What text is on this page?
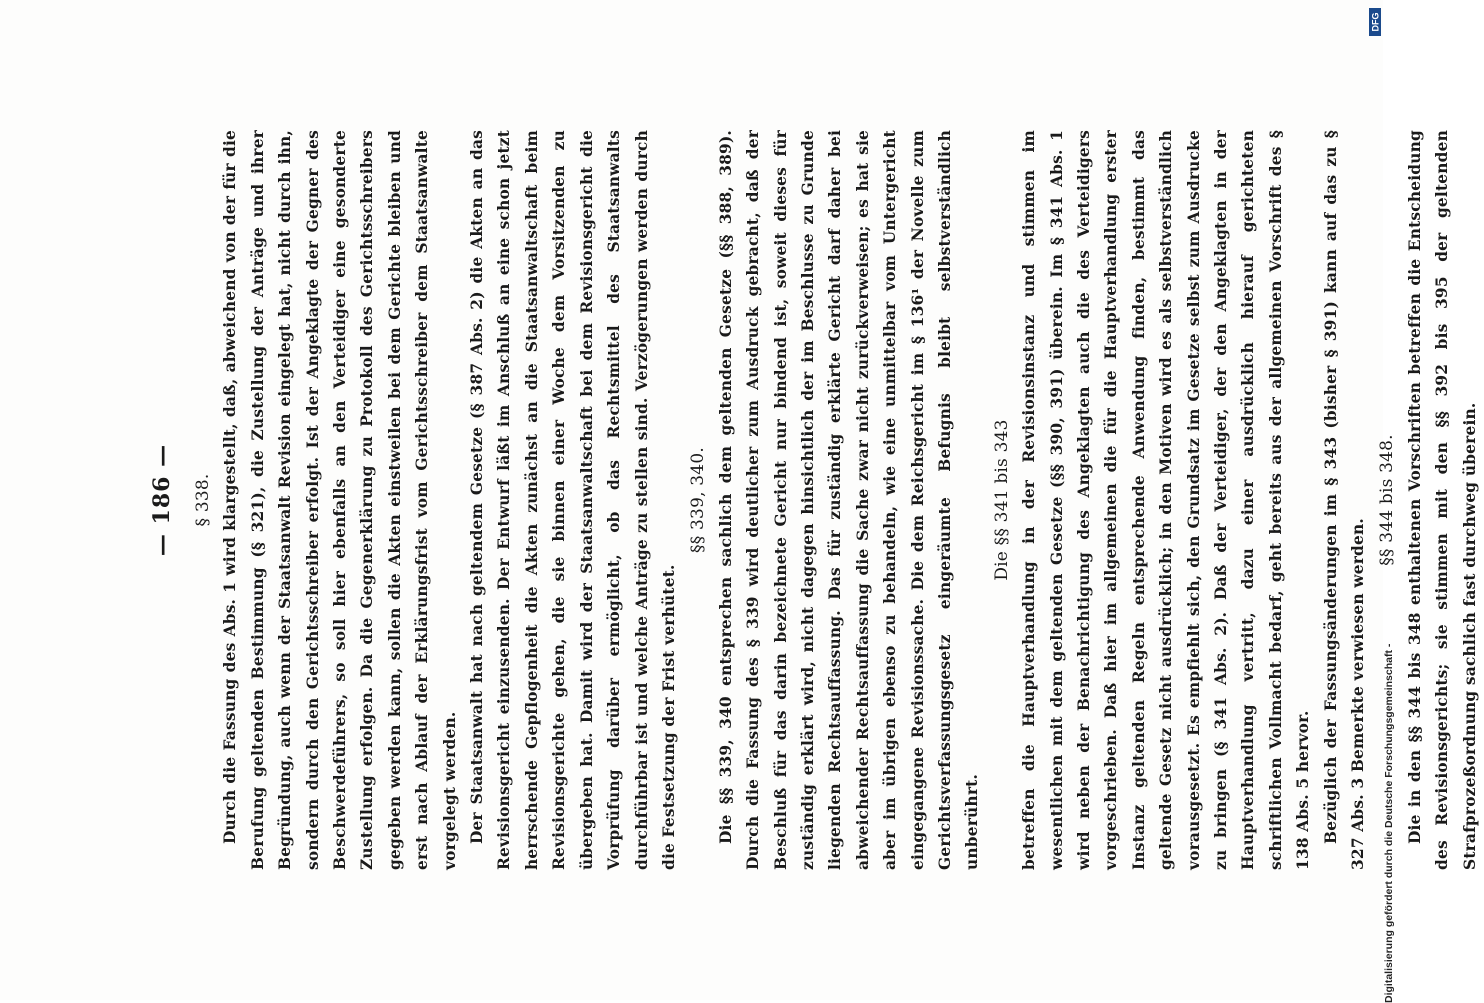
— 186 —	§ 338. Durch die Fassung des Abs. 1 wird klargestellt, daß, abweichend von der für die Berufung geltenden Bestimmung (§ 321), die Zustellung der Anträge und ihrer Begründung, auch wenn der Staatsanwalt Revision eingelegt hat, nicht durch ihn, sondern durch den Gerichtsschreiber erfolgt. Ist der Angeklagte der Gegner des Beschwerdeführers, so soll hier ebenfalls an den Verteidiger eine gesonderte Zustellung erfolgen. Da die Gegenerklärung zu Protokoll des Gerichtsschreibers gegeben werden kann, sollen die Akten einstweilen bei dem Gerichte bleiben und erst nach Ablauf der Erklärungsfrist vom Gerichtsschreiber dem Staatsanwalte vorgelegt werden. Der Staatsanwalt hat nach geltendem Gesetze (§ 387 Abs. 2) die Akten an das Revisionsgericht einzusenden. Der Entwurf läßt im Anschluß an eine schon jetzt herrschende Gepflogenheit die Akten zunächst an die Staatsanwaltschaft beim Revisionsgerichte gehen, die sie binnen einer Woche dem Vorsitzenden zu übergeben hat. Damit wird der Staatsanwaltschaft bei dem Revisionsgericht die Vorprüfung darüber ermöglicht, ob das Rechtsmittel des Staatsanwalts durchführbar ist und welche Anträge zu stellen sind. Verzögerungen werden durch die Festsetzung der Frist verhütet.

§§ 339, 340. Die §§ 339, 340 entsprechen sachlich dem geltenden Gesetze (§§ 388, 389). Durch die Fassung des § 339 wird deutlicher zum Ausdruck gebracht, daß der Beschluß für das darin bezeichnete Gericht nur bindend ist, soweit dieses für zuständig erklärt wird, nicht dagegen hinsichtlich der im Beschlusse zu Grunde liegenden Rechtsauffassung. Das für zuständig erklärte Gericht darf daher bei abweichender Rechtsauffassung die Sache zwar nicht zurückverweisen; es hat sie aber im übrigen ebenso zu behandeln, wie eine unmittelbar vom Untergericht eingegangene Revisionssache. Die dem Reichsgericht im § 136¹ der Novelle zum Gerichtsverfassungsgesetz eingeräumte Befugnis bleibt selbstverständlich unberührt.

Die §§ 341 bis 343 betreffen die Hauptverhandlung in der Revisionsinstanz und stimmen im wesentlichen mit dem geltenden Gesetze (§§ 390, 391) überein. Im § 341 Abs. 1 wird neben der Benachrichtigung des Angeklagten auch die des Verteidigers vorgeschrieben. Daß hier im allgemeinen die für die Hauptverhandlung erster Instanz geltenden Regeln entsprechende Anwendung finden, bestimmt das geltende Gesetz nicht ausdrücklich; in den Motiven wird es als selbstverständlich vorausgesetzt. Es empfiehlt sich, den Grundsatz im Gesetze selbst zum Ausdrucke zu bringen (§ 341 Abs. 2). Daß der Verteidiger, der den Angeklagten in der Hauptverhandlung vertritt, dazu einer ausdrücklich hierauf gerichteten schriftlichen Vollmacht bedarf, geht bereits aus der allgemeinen Vorschrift des § 138 Abs. 5 hervor. Bezüglich der Fassungsänderungen im § 343 (bisher § 391) kann auf das zu § 327 Abs. 3 Bemerkte verwiesen werden.

§§ 344 bis 348. Die in den §§ 344 bis 348 enthaltenen Vorschriften betreffen die Entscheidung des Revisionsgerichts; sie stimmen mit den §§ 392 bis 395 der geltenden Strafprozeßordnung sachlich fast durchweg überein.

Digitalisierung gefördert durch die Deutsche Forschungsgemeinschaft -
DFG
